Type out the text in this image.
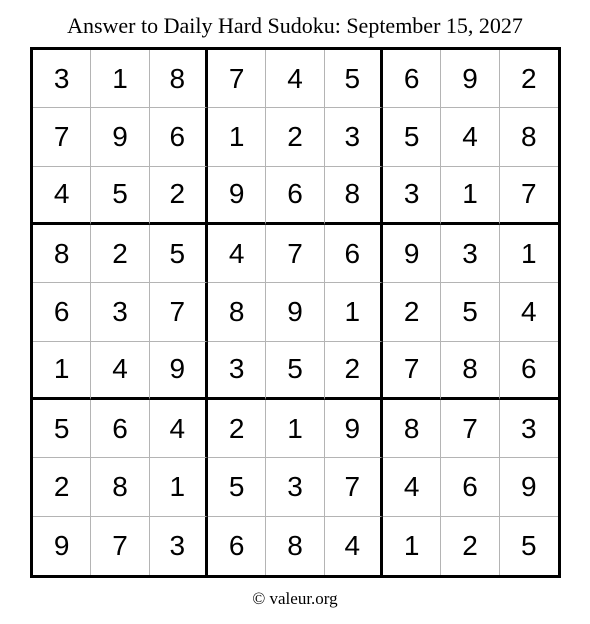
Answer to Daily Hard Sudoku: September 15, 2027
3	1	8	7	4	5	6	9	2
7	9	6	1	2	3	5	4	8
4	5	2	9	6	8	3	1	7
8	2	5	4	7	6	9	3	1
6	3	7	8	9	1	2	5	4
1	4	9	3	5	2	7	8	6
5	6	4	2	1	9	8	7	3
2	8	1	5	3	7	4	6	9
9	7	3	6	8	4	1	2	5
© valeur.org
